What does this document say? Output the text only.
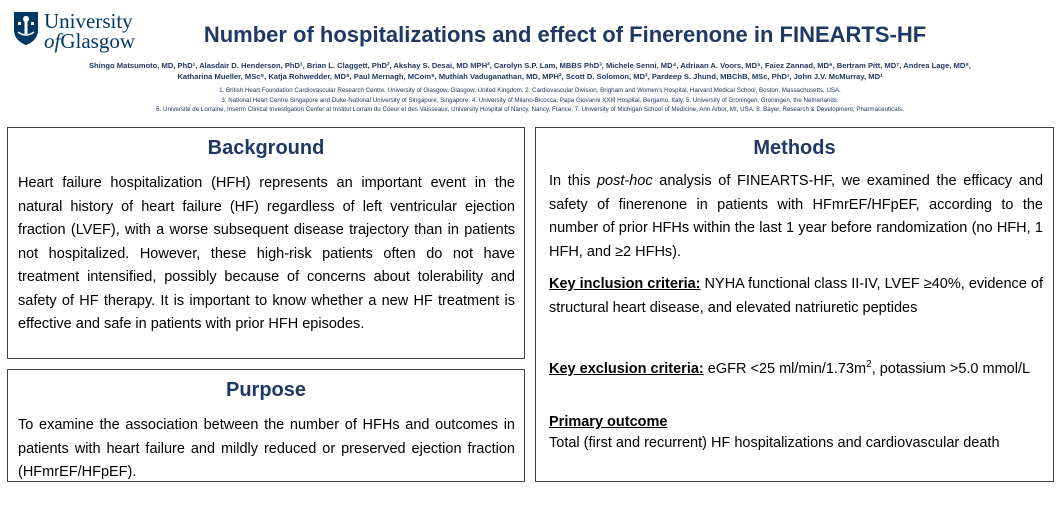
University
ofGlasgow	Number of hospitalizations and effect of Finerenone in FINEARTS-HF
Shingo Matsumoto, MD, PhD¹, Alasdair D. Henderson, PhD¹, Brian L. Claggett, PhD², Akshay S. Desai, MD MPH², Carolyn S.P. Lam, MBBS PhD³, Michele Senni, MD⁴, Adriaan A. Voors, MD⁵, Faiez Zannad, MD⁶, Bertram Pitt, MD⁷, Andrea Lage, MD⁸,
Katharina Mueller, MSc⁸, Katja Rohwedder, MD⁸, Paul Mernagh, MCom⁸, Muthiah Vaduganathan, MD, MPH², Scott D. Solomon, MD², Pardeep S. Jhund, MBChB, MSc, PhD¹, John J.V. McMurray, MD¹
1. British Heart Foundation Cardiovascular Research Centre, University of Glasgow, Glasgow, United Kingdom. 2. Cardiovascular Division, Brigham and Women's Hospital, Harvard Medical School, Boston, Massachusetts, USA.
3. National Heart Centre Singapore and Duke-National University of Singapore, Singapore. 4. University of Milano-Bicocca, Papa Giovanni XXIII Hospital, Bergamo, Italy. 5. University of Groningen, Groningen, the Netherlands.
6. Université de Lorraine, Inserm Clinical Investigation Center at Institut Lorrain du Coeur et des Vaisseaux, University Hospital of Nancy, Nancy, France. 7. University of Michigan School of Medicine, Ann Arbor, MI, USA. 8. Bayer, Research & Development, Pharmaceuticals.
Background
Heart failure hospitalization (HFH) represents an important event in the natural history of heart failure (HF) regardless of left ventricular ejection fraction (LVEF), with a worse subsequent disease trajectory than in patients not hospitalized. However, these high-risk patients often do not have treatment intensified, possibly because of concerns about tolerability and safety of HF therapy. It is important to know whether a new HF treatment is effective and safe in patients with prior HFH episodes.
Purpose
To examine the association between the number of HFHs and outcomes in patients with heart failure and mildly reduced or preserved ejection fraction (HFmrEF/HFpEF).
Methods
In this post-hoc analysis of FINEARTS-HF, we examined the efficacy and safety of finerenone in patients with HFmrEF/HFpEF, according to the number of prior HFHs within the last 1 year before randomization (no HFH, 1 HFH, and ≥2 HFHs).
Key inclusion criteria: NYHA functional class II-IV, LVEF ≥40%, evidence of structural heart disease, and elevated natriuretic peptides
Key exclusion criteria: eGFR <25 $ml/\min/1.73m^2$, potassium >5.0 mmol/L
Primary outcome
Total (first and recurrent) HF hospitalizations and cardiovascular death
